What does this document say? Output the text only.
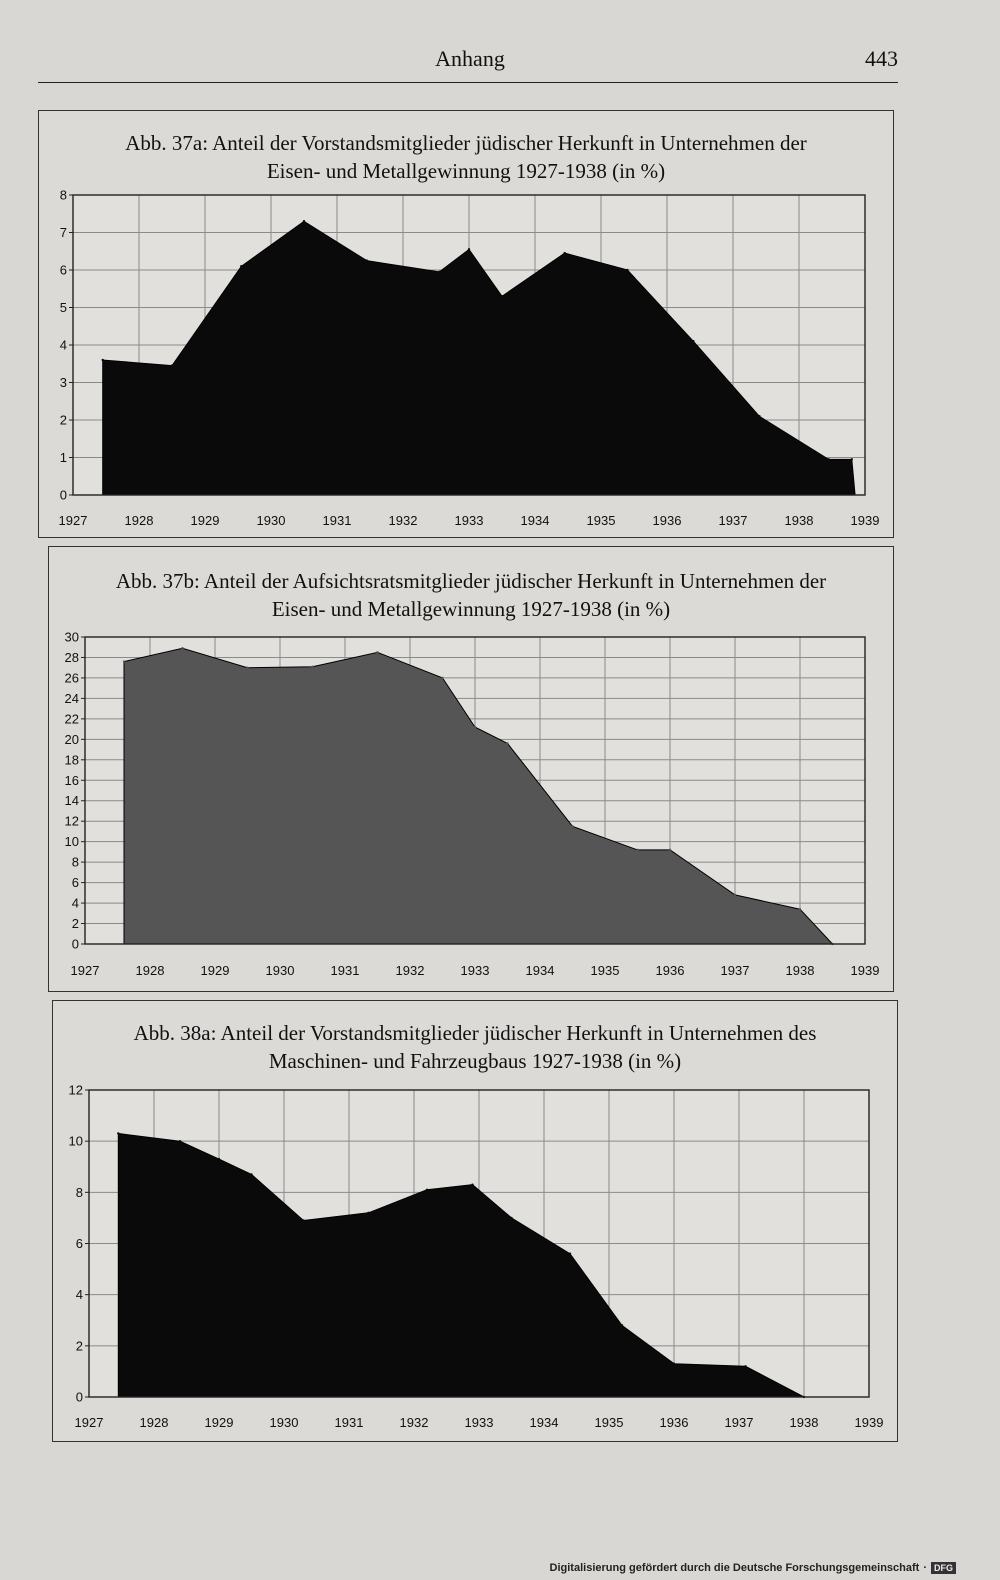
Anhang	443
Abb. 37a: Anteil der Vorstandsmitglieder jüdischer Herkunft in Unternehmen der
Eisen- und Metallgewinnung 1927-1938 (in %)
0
1
2
3
4
5
6
7
8
1927	1928	1929	1930	1931	1932	1933	1934	1935	1936	1937	1938	1939
Abb. 37b: Anteil der Aufsichtsratsmitglieder jüdischer Herkunft in Unternehmen der
Eisen- und Metallgewinnung 1927-1938 (in %)
0
2
4
6
8
10
12
14
16
18
20
22
24
26
28
30
1927	1928	1929	1930	1931	1932	1933	1934	1935	1936	1937	1938	1939
Abb. 38a: Anteil der Vorstandsmitglieder jüdischer Herkunft in Unternehmen des
Maschinen- und Fahrzeugbaus 1927-1938 (in %)
0
2
4
6
8
10
12
1927	1928	1929	1930	1931	1932	1933	1934	1935	1936	1937	1938	1939
Digitalisierung gefördert durch die Deutsche Forschungsgemeinschaft · DFG
